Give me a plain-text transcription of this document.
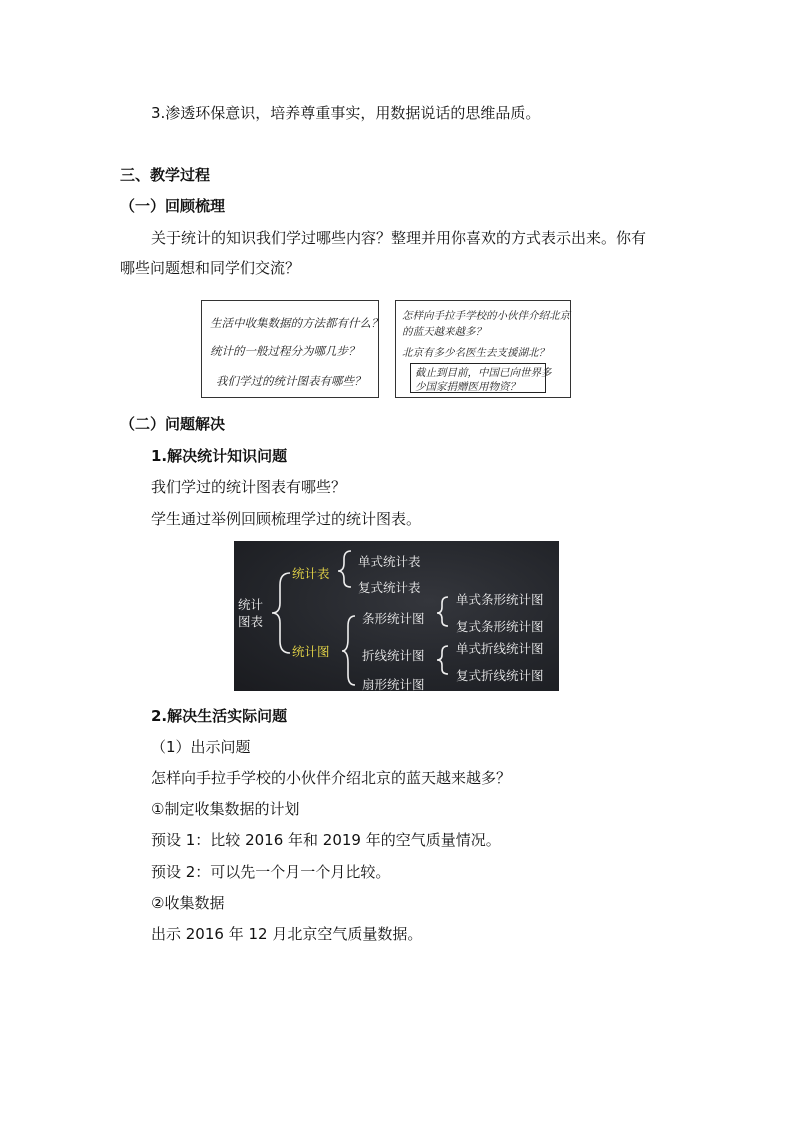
3.渗透环保意识，培养尊重事实，用数据说话的思维品质。
三、教学过程
（一）回顾梳理
关于统计的知识我们学过哪些内容？整理并用你喜欢的方式表示出来。你有
哪些问题想和同学们交流？
生活中收集数据的方法都有什么？
统计的一般过程分为哪几步？
我们学过的统计图表有哪些？
怎样向手拉手学校的小伙伴介绍北京
的蓝天越来越多？
北京有多少名医生去支援湖北？
截止到目前，中国已向世界多
少国家捐赠医用物资？
（二）问题解决
1.解决统计知识问题
我们学过的统计图表有哪些？
学生通过举例回顾梳理学过的统计图表。
统计
图表
统计表
统计图
单式统计表
复式统计表
条形统计图
折线统计图
扇形统计图
单式条形统计图
复式条形统计图
单式折线统计图
复式折线统计图
2.解决生活实际问题
（1）出示问题
怎样向手拉手学校的小伙伴介绍北京的蓝天越来越多？
①制定收集数据的计划
预设 1：比较 2016 年和 2019 年的空气质量情况。
预设 2：可以先一个月一个月比较。
②收集数据
出示 2016 年 12 月北京空气质量数据。
